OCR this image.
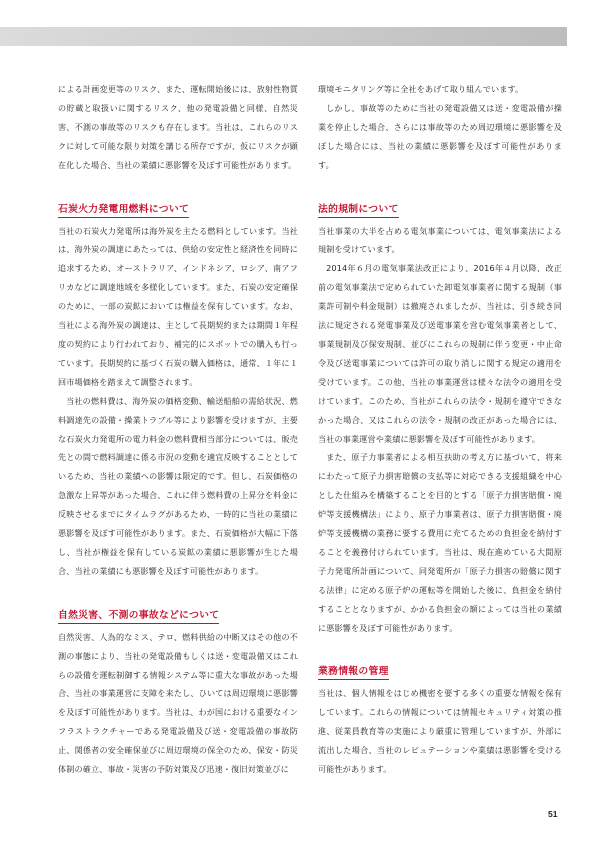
による計画変更等のリスク、また、運転開始後には、放射性物質の貯蔵と取扱いに関するリスク、他の発電設備と同様、自然災害、不測の事故等のリスクも存在します。当社は、これらのリスクに対して可能な限り対策を講じる所存ですが、仮にリスクが顕在化した場合、当社の業績に悪影響を及ぼす可能性があります。

石炭火力発電用燃料について

当社の石炭火力発電所は海外炭を主たる燃料としています。当社は、海外炭の調達にあたっては、供給の安定性と経済性を同時に追求するため、オーストラリア、インドネシア、ロシア、南アフリカなどに調達地域を多様化しています。また、石炭の安定確保のために、一部の炭鉱においては権益を保有しています。なお、当社による海外炭の調達は、主として長期契約または期間１年程度の契約により行われており、補完的にスポットでの購入も行っています。長期契約に基づく石炭の購入価格は、通常、１年に１回市場価格を踏まえて調整されます。

当社の燃料費は、海外炭の価格変動、輸送船舶の需給状況、燃料調達先の設備・操業トラブル等により影響を受けますが、主要な石炭火力発電所の電力料金の燃料費相当部分については、販売先との間で燃料調達に係る市況の変動を適宜反映することとしているため、当社の業績への影響は限定的です。但し、石炭価格の急激な上昇等があった場合、これに伴う燃料費の上昇分を料金に反映させるまでにタイムラグがあるため、一時的に当社の業績に悪影響を及ぼす可能性があります。また、石炭価格が大幅に下落し、当社が権益を保有している炭鉱の業績に悪影響が生じた場合、当社の業績にも悪影響を及ぼす可能性があります。

自然災害、不測の事故などについて

自然災害、人為的なミス、テロ、燃料供給の中断又はその他の不測の事態により、当社の発電設備もしくは送・変電設備又はこれらの設備を運転制御する情報システム等に重大な事故があった場合、当社の事業運営に支障を来たし、ひいては周辺環境に悪影響を及ぼす可能性があります。当社は、わが国における重要なインフラストラクチャーである発電設備及び送・変電設備の事故防止、関係者の安全確保並びに周辺環境の保全のため、保安・防災体制の確立、事故・災害の予防対策及び迅速・復旧対策並びに

環境モニタリング等に全社をあげて取り組んでいます。

しかし、事故等のために当社の発電設備又は送・変電設備が操業を停止した場合、さらには事故等のため周辺環境に悪影響を及ぼした場合には、当社の業績に悪影響を及ぼす可能性があります。

法的規制について

当社事業の大半を占める電気事業については、電気事業法による規制を受けています。

2014年６月の電気事業法改正により、2016年４月以降、改正前の電気事業法で定められていた卸電気事業者に関する規制（事業許可制や料金規制）は撤廃されましたが、当社は、引き続き同法に規定される発電事業及び送電事業を営む電気事業者として、事業規制及び保安規制、並びにこれらの規制に伴う変更・中止命令及び送電事業については許可の取り消しに関する規定の適用を受けています。この他、当社の事業運営は様々な法令の適用を受けています。このため、当社がこれらの法令・規制を遵守できなかった場合、又はこれらの法令・規制の改正があった場合には、当社の事業運営や業績に悪影響を及ぼす可能性があります。

また、原子力事業者による相互扶助の考え方に基づいて、将来にわたって原子力損害賠償の支払等に対応できる支援組織を中心とした仕組みを構築することを目的とする「原子力損害賠償・廃炉等支援機構法」により、原子力事業者は、原子力損害賠償・廃炉等支援機構の業務に要する費用に充てるための負担金を納付することを義務付けられています。当社は、現在進めている大間原子力発電所計画について、同発電所が「原子力損害の賠償に関する法律」に定める原子炉の運転等を開始した後に、負担金を納付することとなりますが、かかる負担金の額によっては当社の業績に悪影響を及ぼす可能性があります。

業務情報の管理

当社は、個人情報をはじめ機密を要する多くの重要な情報を保有しています。これらの情報については情報セキュリティ対策の推進、従業員教育等の実施により厳重に管理していますが、外部に流出した場合、当社のレピュテーションや業績は悪影響を受ける可能性があります。

51
